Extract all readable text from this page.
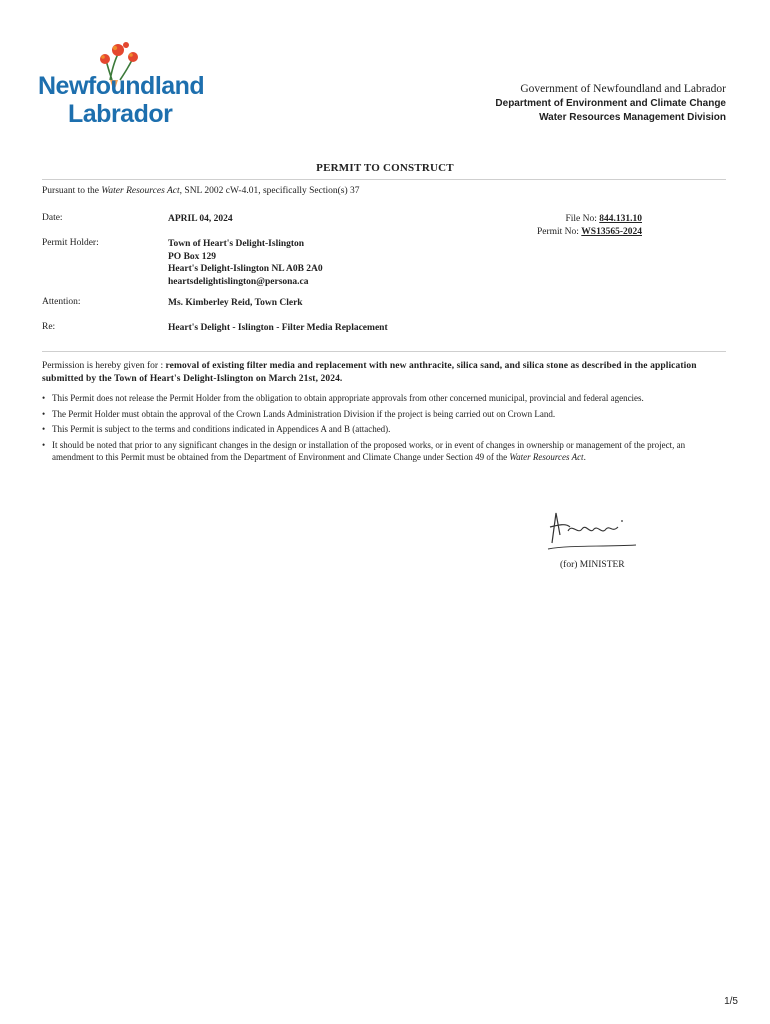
Newfoundland
Labrador
Government of Newfoundland and Labrador
Department of Environment and Climate Change
Water Resources Management Division
PERMIT TO CONSTRUCT
Pursuant to the Water Resources Act, SNL 2002 cW-4.01, specifically Section(s) 37
Date:	APRIL 04, 2024	File No: 844.131.10
Permit No: WS13565-2024
Permit Holder:	Town of Heart's Delight-Islington
PO Box 129
Heart's Delight-Islington NL A0B 2A0
heartsdelightislington@persona.ca
Attention:	Ms. Kimberley Reid, Town Clerk
Re:	Heart's Delight - Islington - Filter Media Replacement
Permission is hereby given for : removal of existing filter media and replacement with new anthracite, silica sand, and silica stone as described in the application submitted by the Town of Heart's Delight-Islington on March 21st, 2024.
• This Permit does not release the Permit Holder from the obligation to obtain appropriate approvals from other concerned municipal, provincial and federal agencies.
• The Permit Holder must obtain the approval of the Crown Lands Administration Division if the project is being carried out on Crown Land.
• This Permit is subject to the terms and conditions indicated in Appendices A and B (attached).
• It should be noted that prior to any significant changes in the design or installation of the proposed works, or in event of changes in ownership or management of the project, an amendment to this Permit must be obtained from the Department of Environment and Climate Change under Section 49 of the Water Resources Act.
(for) MINISTER
1/5
